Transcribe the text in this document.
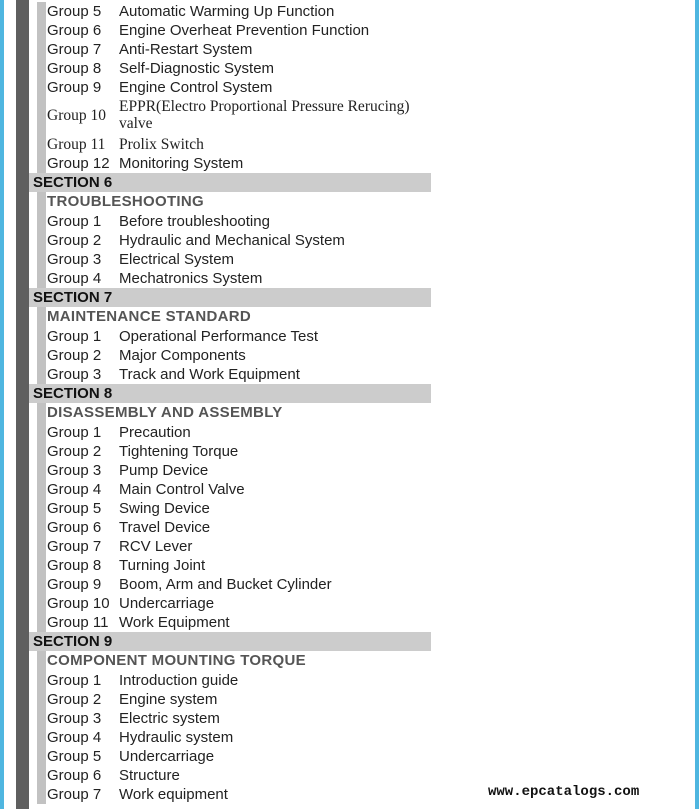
Group 5 Automatic Warming Up Function
Group 6 Engine Overheat Prevention Function
Group 7 Anti-Restart System
Group 8 Self-Diagnostic System
Group 9 Engine Control System
Group 10
EPPR(Electro Proportional Pressure Rerucing) valve
Group 11 Prolix Switch
Group 12 Monitoring System
SECTION 6
TROUBLESHOOTING
Group 1 Before troubleshooting
Group 2 Hydraulic and Mechanical System
Group 3 Electrical System
Group 4 Mechatronics System
SECTION 7
MAINTENANCE STANDARD
Group 1 Operational Performance Test
Group 2 Major Components
Group 3 Track and Work Equipment
SECTION 8
DISASSEMBLY AND ASSEMBLY
Group 1 Precaution
Group 2 Tightening Torque
Group 3 Pump Device
Group 4 Main Control Valve
Group 5 Swing Device
Group 6 Travel Device
Group 7 RCV Lever
Group 8 Turning Joint
Group 9 Boom, Arm and Bucket Cylinder
Group 10 Undercarriage
Group 11 Work Equipment
SECTION 9
COMPONENT MOUNTING TORQUE
Group 1 Introduction guide
Group 2 Engine system
Group 3 Electric system
Group 4 Hydraulic system
Group 5 Undercarriage
Group 6 Structure
Group 7 Work equipment	www.epcatalogs.com
